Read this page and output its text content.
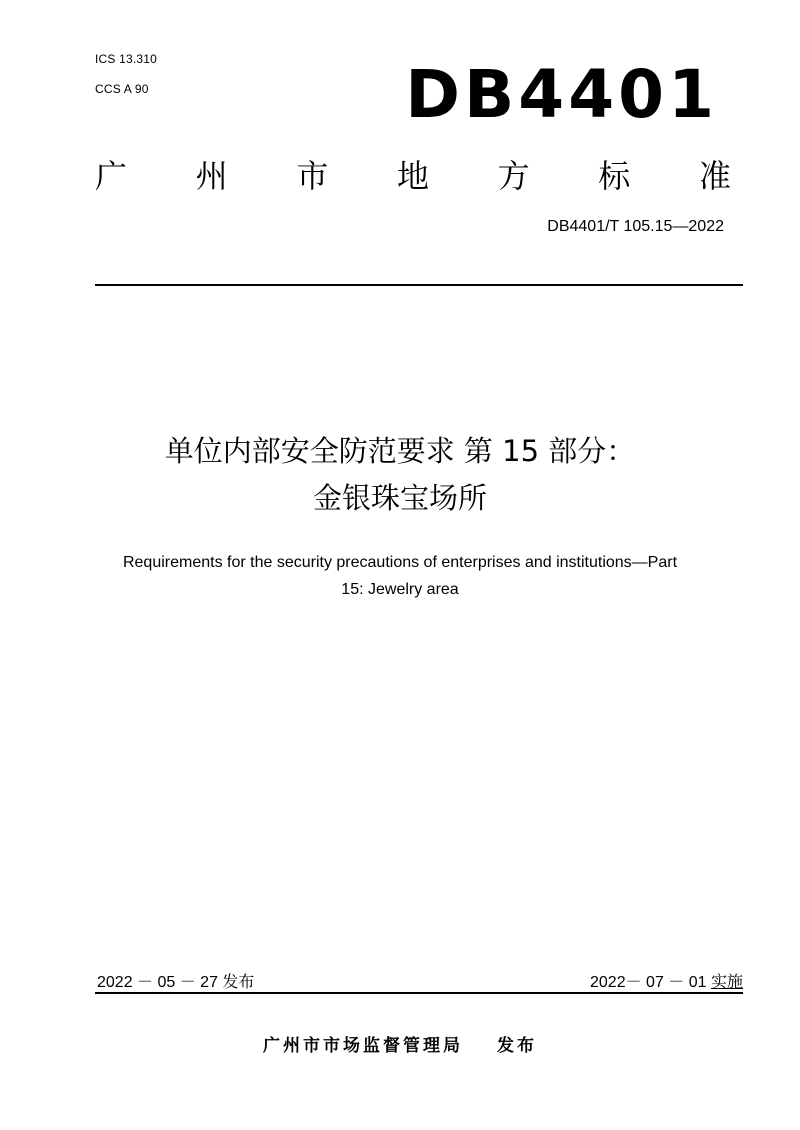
ICS 13.310
CCS A 90	DB4401
广 州 市 地 方 标 准
DB4401/T 105.15—2022
单位内部安全防范要求 第 15 部分：
金银珠宝场所
Requirements for the security precautions of enterprises and institutions—Part
15: Jewelry area
2022 － 05 － 27 发布	2022－ 07 － 01 实施
广州市市场监督管理局 发布
